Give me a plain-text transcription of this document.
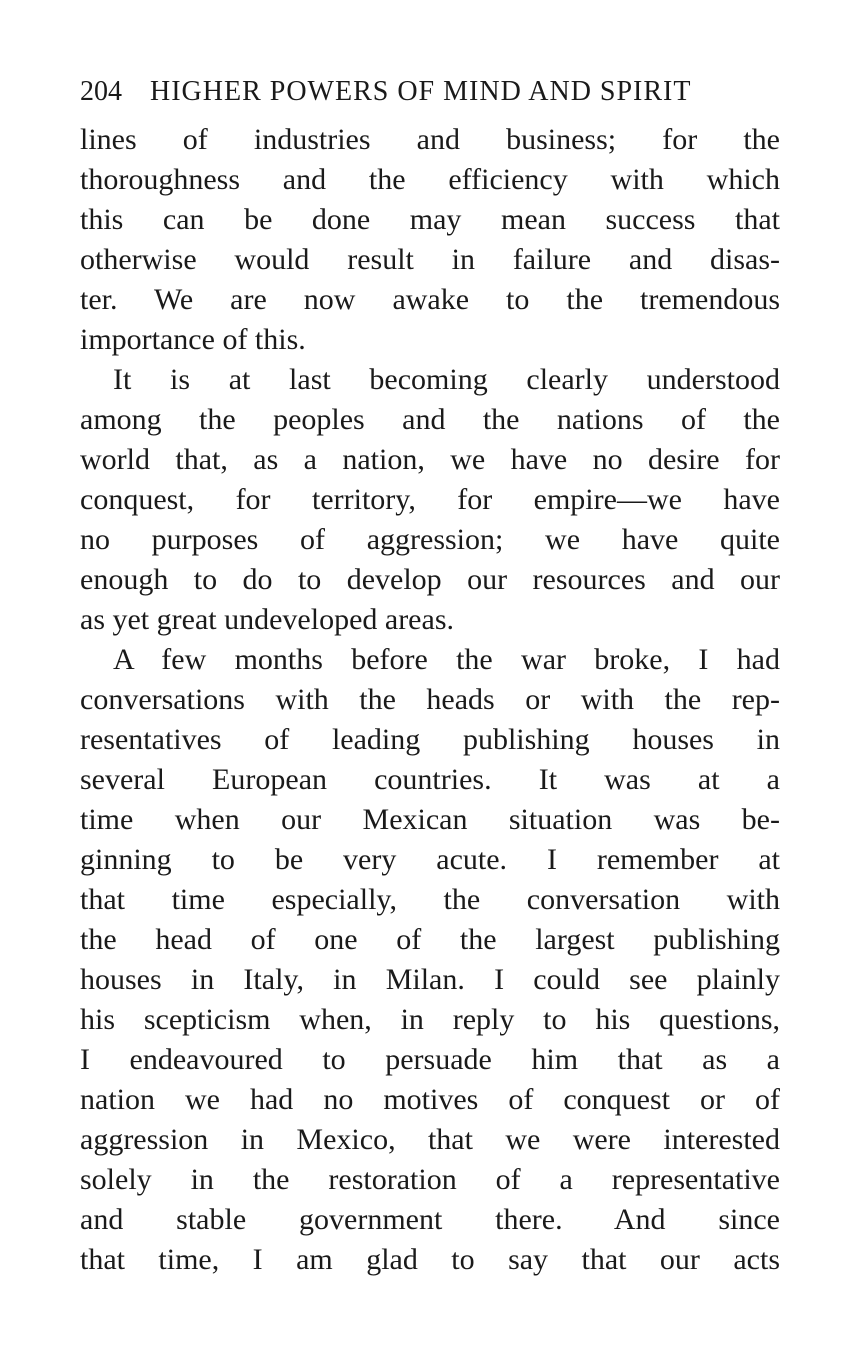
204 HIGHER POWERS OF MIND AND SPIRIT
lines of industries and business; for the
thoroughness and the efficiency with which
this can be done may mean success that
otherwise would result in failure and disas-
ter. We are now awake to the tremendous
importance of this.
It is at last becoming clearly understood
among the peoples and the nations of the
world that, as a nation, we have no desire for
conquest, for territory, for empire—we have
no purposes of aggression; we have quite
enough to do to develop our resources and our
as yet great undeveloped areas.
A few months before the war broke, I had
conversations with the heads or with the rep-
resentatives of leading publishing houses in
several European countries. It was at a
time when our Mexican situation was be-
ginning to be very acute. I remember at
that time especially, the conversation with
the head of one of the largest publishing
houses in Italy, in Milan. I could see plainly
his scepticism when, in reply to his questions,
I endeavoured to persuade him that as a
nation we had no motives of conquest or of
aggression in Mexico, that we were interested
solely in the restoration of a representative
and stable government there. And since
that time, I am glad to say that our acts
